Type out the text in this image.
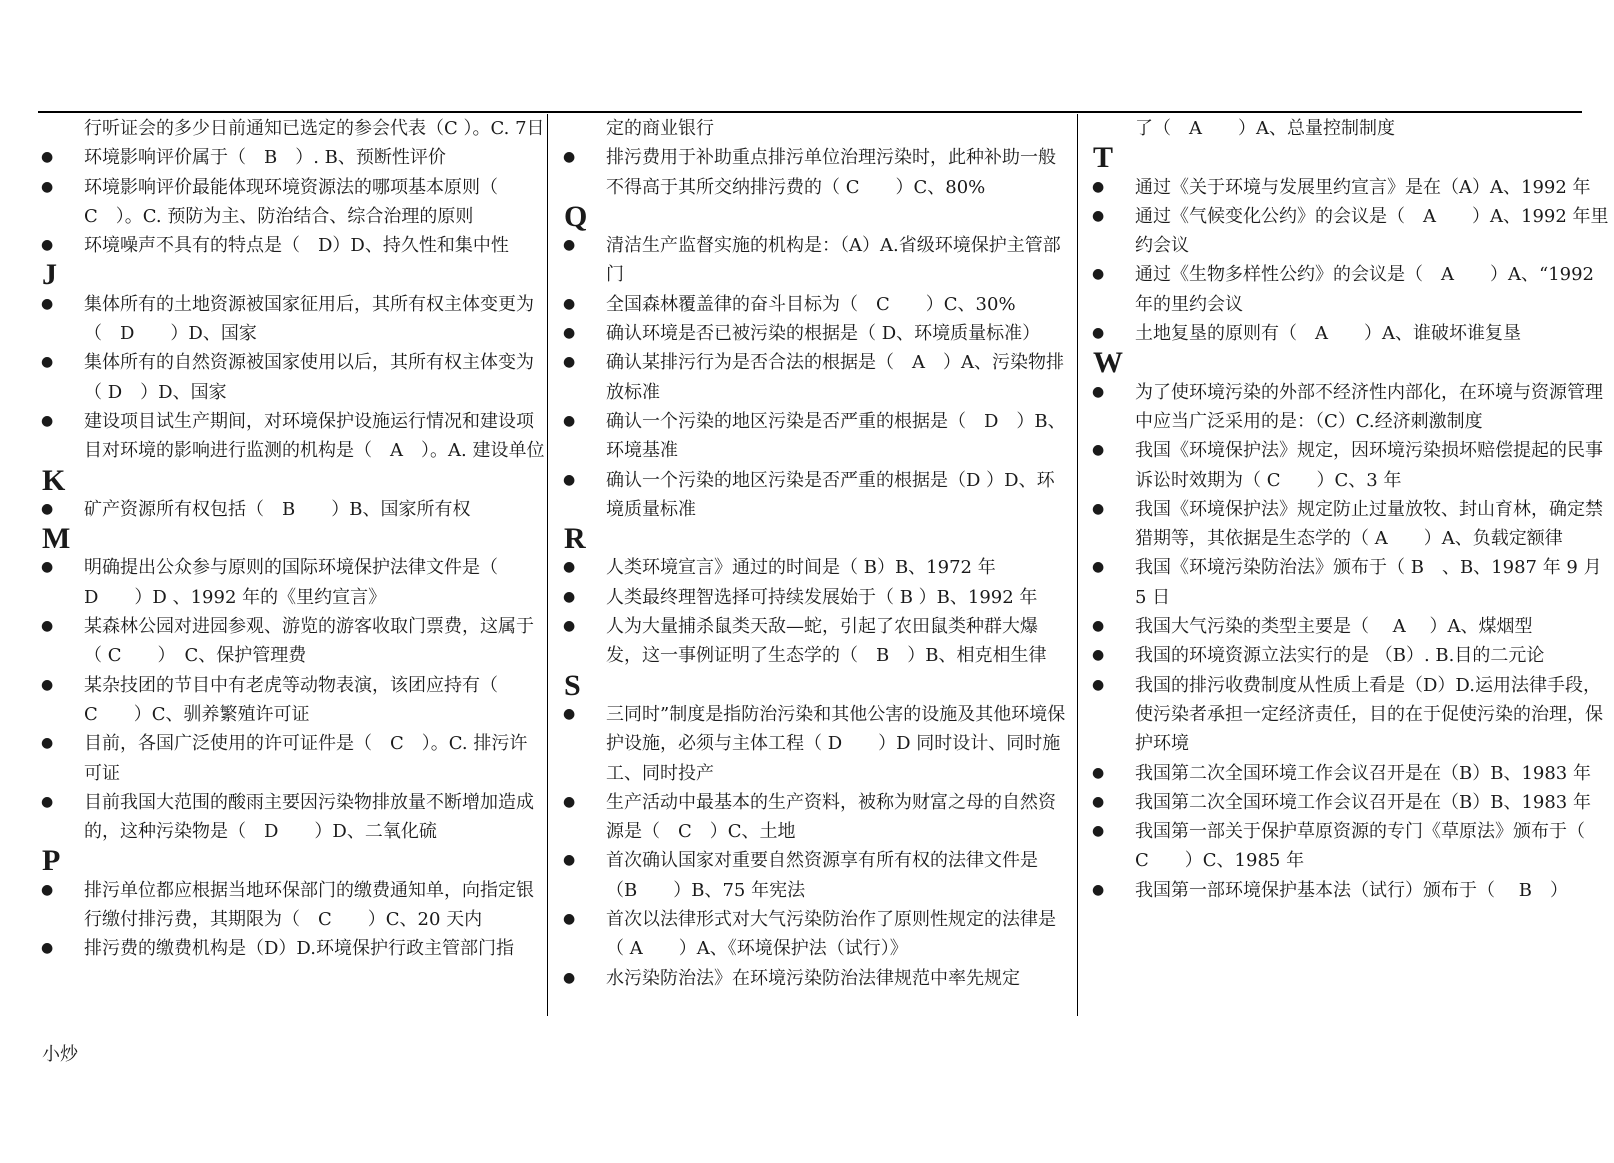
行听证会的多少日前通知已选定的参会代表（C ）。C. 7日
● 环境影响评价属于（　B　）. B、预断性评价
● 环境影响评价最能体现环境资源法的哪项基本原则（ C　）。C. 预防为主、防治结合、综合治理的原则
● 环境噪声不具有的特点是（　D）D、持久性和集中性
J
● 集体所有的土地资源被国家征用后，其所有权主体变更为（　D　　）D、国家
● 集体所有的自然资源被国家使用以后，其所有权主体变为（ D　）D、国家
● 建设项目试生产期间，对环境保护设施运行情况和建设项目对环境的影响进行监测的机构是（　A　）。A. 建设单位
K
● 矿产资源所有权包括（　B　　）B、国家所有权
M
● 明确提出公众参与原则的国际环境保护法律文件是（ D　　）D 、1992 年的《里约宣言》
● 某森林公园对进园参观、游览的游客收取门票费，这属于（ C　　）　C、保护管理费
● 某杂技团的节目中有老虎等动物表演，该团应持有（　C　　）C、驯养繁殖许可证
● 目前，各国广泛使用的许可证件是（　C　）。C. 排污许可证
● 目前我国大范围的酸雨主要因污染物排放量不断增加造成的，这种污染物是（　D　　）D、二氧化硫
P
● 排污单位都应根据当地环保部门的缴费通知单，向指定银行缴付排污费，其期限为（　C　　）C、20 天内
● 排污费的缴费机构是（D）D.环境保护行政主管部门指
定的商业银行
● 排污费用于补助重点排污单位治理污染时，此种补助一般不得高于其所交纳排污费的（ C　　）C、80%
Q
● 清洁生产监督实施的机构是：（A）A.省级环境保护主管部门
● 全国森林覆盖律的奋斗目标为（　C　　）C、30%
● 确认环境是否已被污染的根据是（ D、环境质量标准）
● 确认某排污行为是否合法的根据是（　A　）A、污染物排放标准
● 确认一个污染的地区污染是否严重的根据是（　D　）B、环境基准
● 确认一个污染的地区污染是否严重的根据是（D ）D、环境质量标准
R
● 人类环境宣言》通过的时间是（ B）B、1972 年
● 人类最终理智选择可持续发展始于（ B ）B、1992 年
● 人为大量捕杀鼠类天敌—蛇，引起了农田鼠类种群大爆发，这一事例证明了生态学的（　B　）B、相克相生律
S
● 三同时”制度是指防治污染和其他公害的设施及其他环境保护设施，必须与主体工程（ D　　）D 同时设计、同时施工、同时投产
● 生产活动中最基本的生产资料，被称为财富之母的自然资源是（　C　）C、土地
● 首次确认国家对重要自然资源享有所有权的法律文件是（B　　）B、75 年宪法
● 首次以法律形式对大气污染防治作了原则性规定的法律是（ A　　）A、《环境保护法（试行）》
● 水污染防治法》在环境污染防治法律规范中率先规定
了（　A　　）A、总量控制制度
T
● 通过《关于环境与发展里约宣言》是在（A）A、1992 年
● 通过《气候变化公约》的会议是（　A　　）A、1992 年里约会议
● 通过《生物多样性公约》的会议是（　A　　）A、“1992 年的里约会议
● 土地复垦的原则有（　A　　）A、谁破坏谁复垦
W
● 为了使环境污染的外部不经济性内部化，在环境与资源管理中应当广泛采用的是：（C）C.经济刺激制度
● 我国《环境保护法》规定，因环境污染损坏赔偿提起的民事诉讼时效期为（ C　　）C、3 年
● 我国《环境保护法》规定防止过量放牧、封山育林，确定禁猎期等，其依据是生态学的（ A　　）A、负载定额律
● 我国《环境污染防治法》颁布于（ B　、B、1987 年 9 月 5 日
● 我国大气污染的类型主要是（　 A　 ）A、煤烟型
● 我国的环境资源立法实行的是 （B）. B.目的二元论
● 我国的排污收费制度从性质上看是（D）D.运用法律手段，使污染者承担一定经济责任，目的在于促使污染的治理，保护环境
● 我国第二次全国环境工作会议召开是在（B）B、1983 年
● 我国第二次全国环境工作会议召开是在（B）B、1983 年
● 我国第一部关于保护草原资源的专门《草原法》颁布于（ C　　）C、1985 年
● 我国第一部环境保护基本法（试行）颁布于（　 B　）
小炒
